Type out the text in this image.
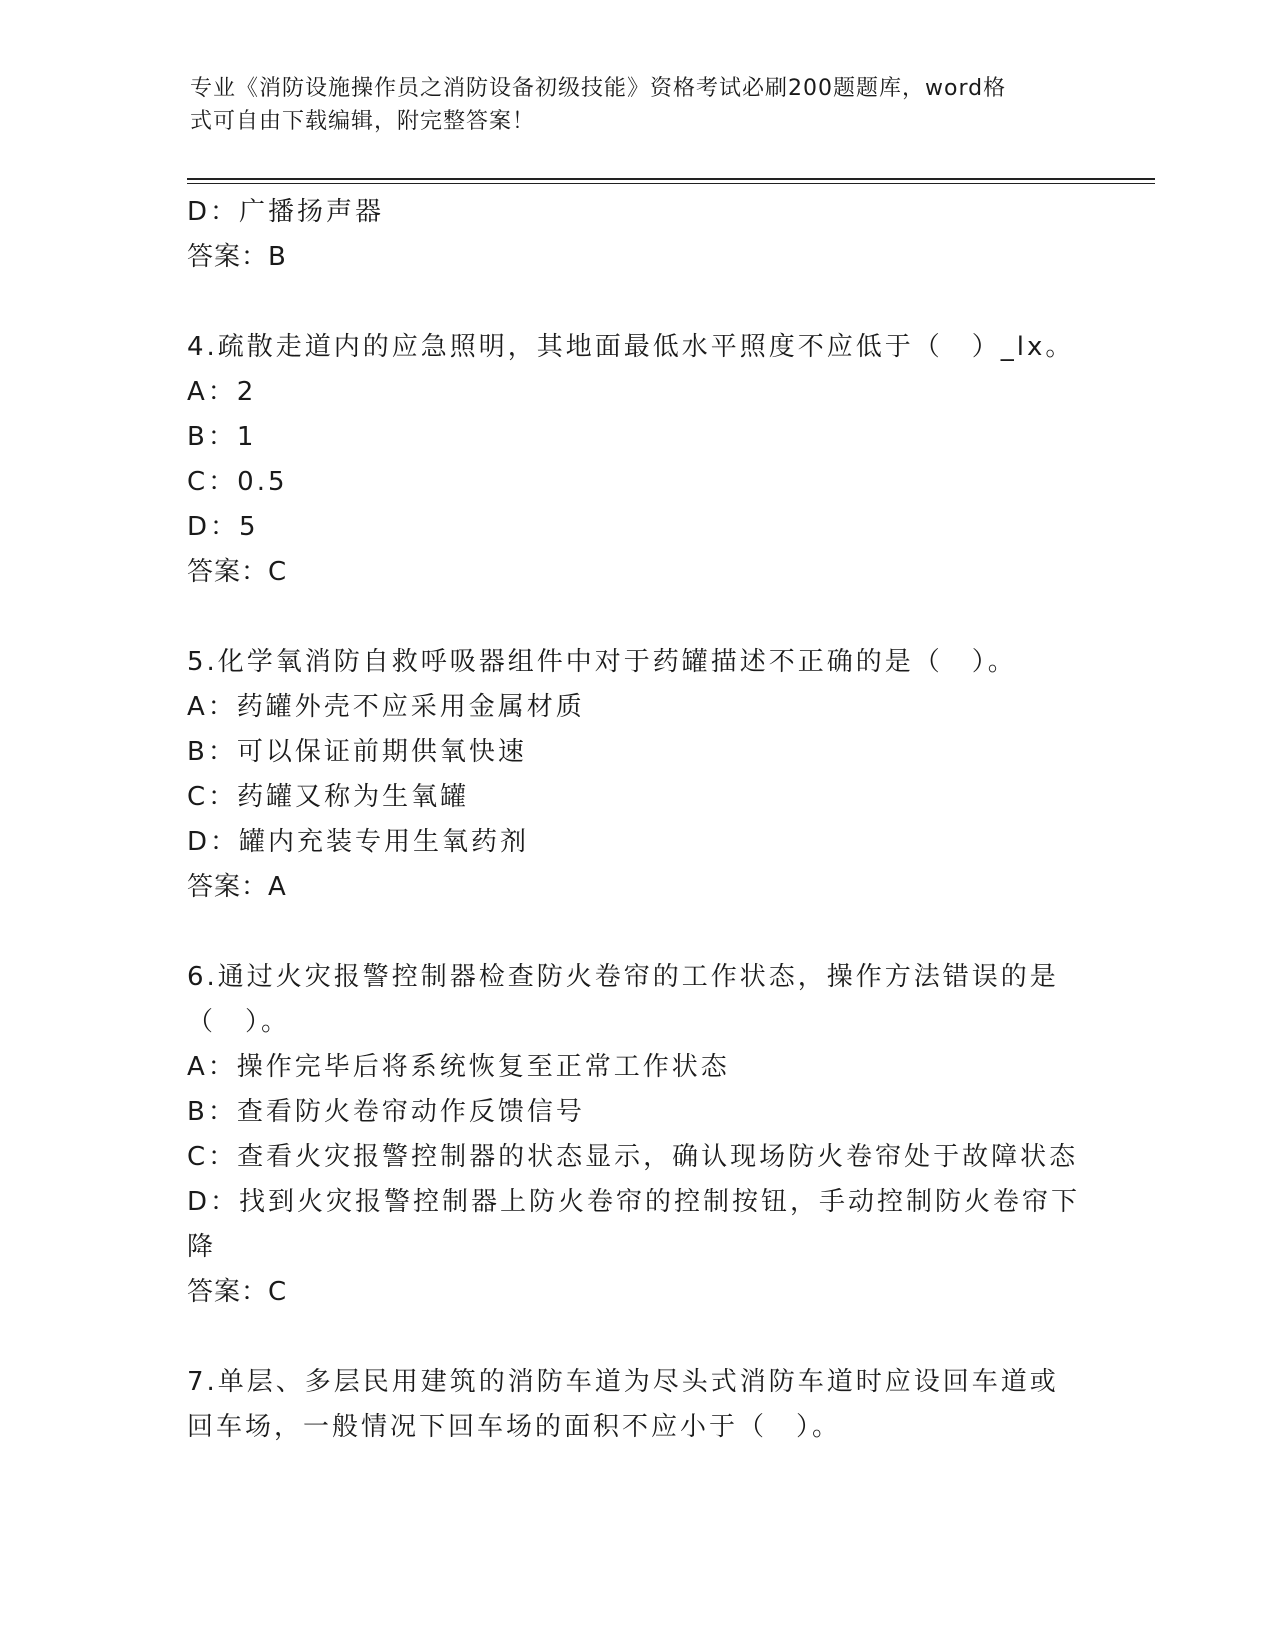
专业《消防设施操作员之消防设备初级技能》资格考试必刷200题题库，word格
式可自由下载编辑，附完整答案！
D：广播扬声器
答案：B
4.疏散走道内的应急照明，其地面最低水平照度不应低于（　）_lx。
A：2
B：1
C：0.5
D：5
答案：C
5.化学氧消防自救呼吸器组件中对于药罐描述不正确的是（　）。
A：药罐外壳不应采用金属材质
B：可以保证前期供氧快速
C：药罐又称为生氧罐
D：罐内充装专用生氧药剂
答案：A
6.通过火灾报警控制器检查防火卷帘的工作状态，操作方法错误的是
（　）。
A：操作完毕后将系统恢复至正常工作状态
B：查看防火卷帘动作反馈信号
C：查看火灾报警控制器的状态显示，确认现场防火卷帘处于故障状态
D：找到火灾报警控制器上防火卷帘的控制按钮，手动控制防火卷帘下
降
答案：C
7.单层、多层民用建筑的消防车道为尽头式消防车道时应设回车道或
回车场，一般情况下回车场的面积不应小于（　）。
